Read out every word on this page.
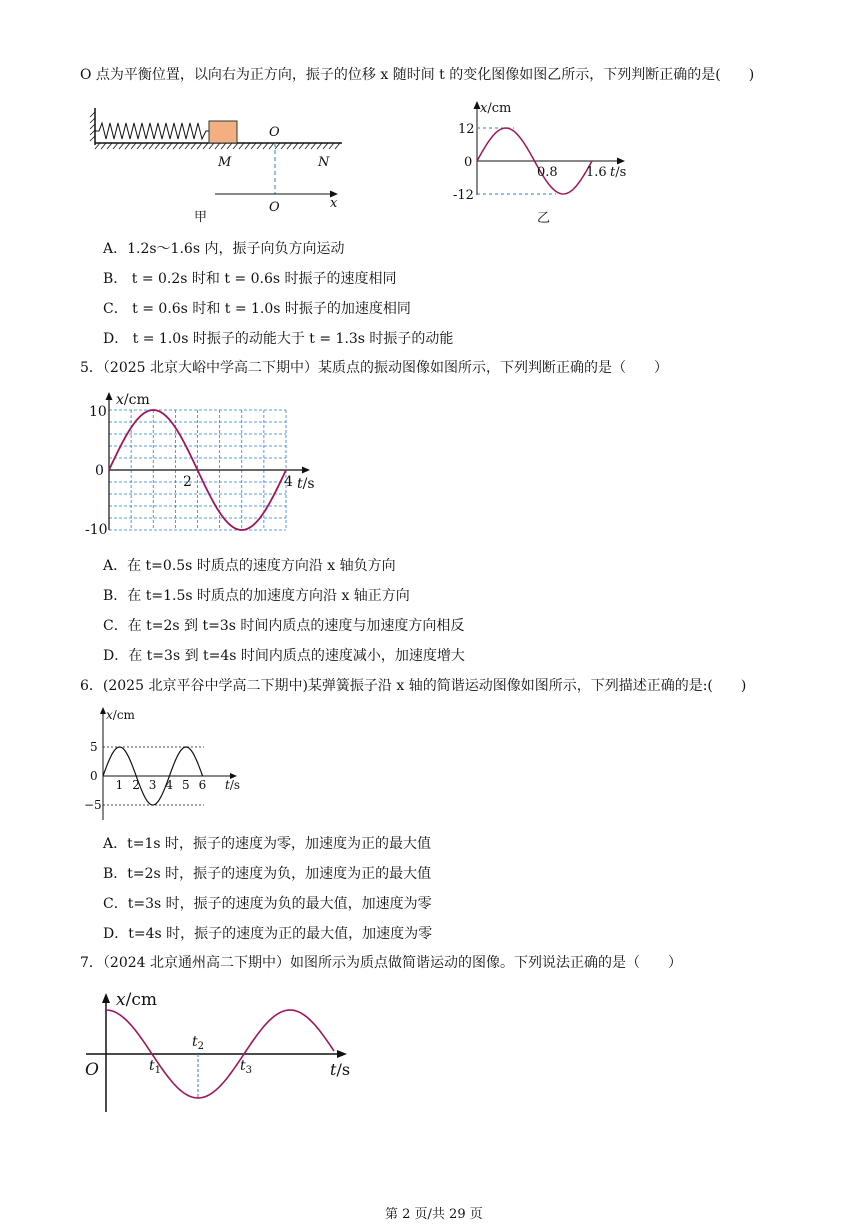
O 点为平衡位置，以向右为正方向，振子的位移 x 随时间 t 的变化图像如图乙所示，下列判断正确的是(　　)
M
O
N
O	x
甲
x/cm
12
0
-12
0.8 1.6 t/s
乙
A．1.2s～1.6s 内，振子向负方向运动
B． t = 0.2s 时和 t = 0.6s 时振子的速度相同
C． t = 0.6s 时和 t = 1.0s 时振子的加速度相同
D． t = 1.0s 时振子的动能大于 t = 1.3s 时振子的动能
5．（2025 北京大峪中学高二下期中）某质点的振动图像如图所示，下列判断正确的是（　　）
x/cm
10
0
-10
2	4 t/s
A．在 t=0.5s 时质点的速度方向沿 x 轴负方向
B．在 t=1.5s 时质点的加速度方向沿 x 轴正方向
C．在 t=2s 到 t=3s 时间内质点的速度与加速度方向相反
D．在 t=3s 到 t=4s 时间内质点的速度减小，加速度增大
6．(2025 北京平谷中学高二下期中)某弹簧振子沿 x 轴的简谐运动图像如图所示，下列描述正确的是:(　　)
x/cm
5
0
−5
1 2 3 4 5 6 t/s
A．t=1s 时，振子的速度为零，加速度为正的最大值
B．t=2s 时，振子的速度为负，加速度为正的最大值
C．t=3s 时，振子的速度为负的最大值，加速度为零
D．t=4s 时，振子的速度为正的最大值，加速度为零
7．（2024 北京通州高二下期中）如图所示为质点做简谐运动的图像。下列说法正确的是（　　）
x/cm
O	$t_1$
$t_2$
$t_3$	t/s
第 2 页/共 29 页
